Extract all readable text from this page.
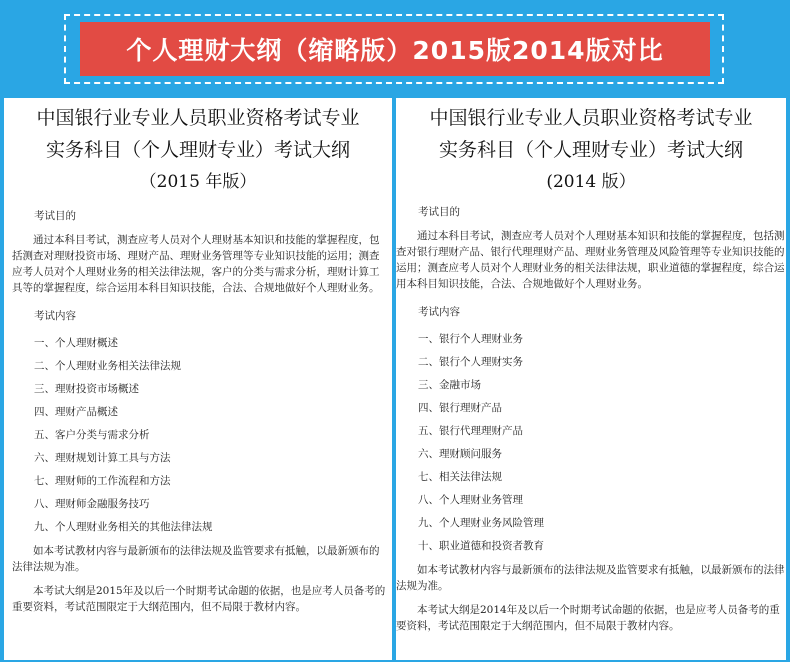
个人理财大纲（缩略版）2015版2014版对比
中国银行业专业人员职业资格考试专业
实务科目（个人理财专业）考试大纲
（2015 年版）
考试目的

通过本科目考试，测查应考人员对个人理财基本知识和技能的掌握程度，包括测查对理财投资市场、理财产品、理财业务管理等专业知识技能的运用；测查应考人员对个人理财业务的相关法律法规，客户的分类与需求分析，理财计算工具等的掌握程度，综合运用本科目知识技能，合法、合规地做好个人理财业务。

考试内容
一、个人理财概述
二、个人理财业务相关法律法规
三、理财投资市场概述
四、理财产品概述
五、客户分类与需求分析
六、理财规划计算工具与方法
七、理财师的工作流程和方法
八、理财师金融服务技巧
九、个人理财业务相关的其他法律法规

如本考试教材内容与最新颁布的法律法规及监管要求有抵触，以最新颁布的法律法规为准。

本考试大纲是2015年及以后一个时期考试命题的依据，也是应考人员备考的重要资料，考试范围限定于大纲范围内，但不局限于教材内容。

中国银行业专业人员职业资格考试专业
实务科目（个人理财专业）考试大纲
(2014 版）
考试目的

通过本科目考试，测查应考人员对个人理财基本知识和技能的掌握程度，包括测查对银行理财产品、银行代理理财产品、理财业务管理及风险管理等专业知识技能的运用；测查应考人员对个人理财业务的相关法律法规，职业道德的掌握程度，综合运用本科目知识技能，合法、合规地做好个人理财业务。

考试内容
一、银行个人理财业务
二、银行个人理财实务
三、金融市场
四、银行理财产品
五、银行代理理财产品
六、理财顾问服务
七、相关法律法规
八、个人理财业务管理
九、个人理财业务风险管理
十、职业道德和投资者教育

如本考试教材内容与最新颁布的法律法规及监管要求有抵触，以最新颁布的法律法规为准。

本考试大纲是2014年及以后一个时期考试命题的依据，也是应考人员备考的重要资料，考试范围限定于大纲范围内，但不局限于教材内容。
